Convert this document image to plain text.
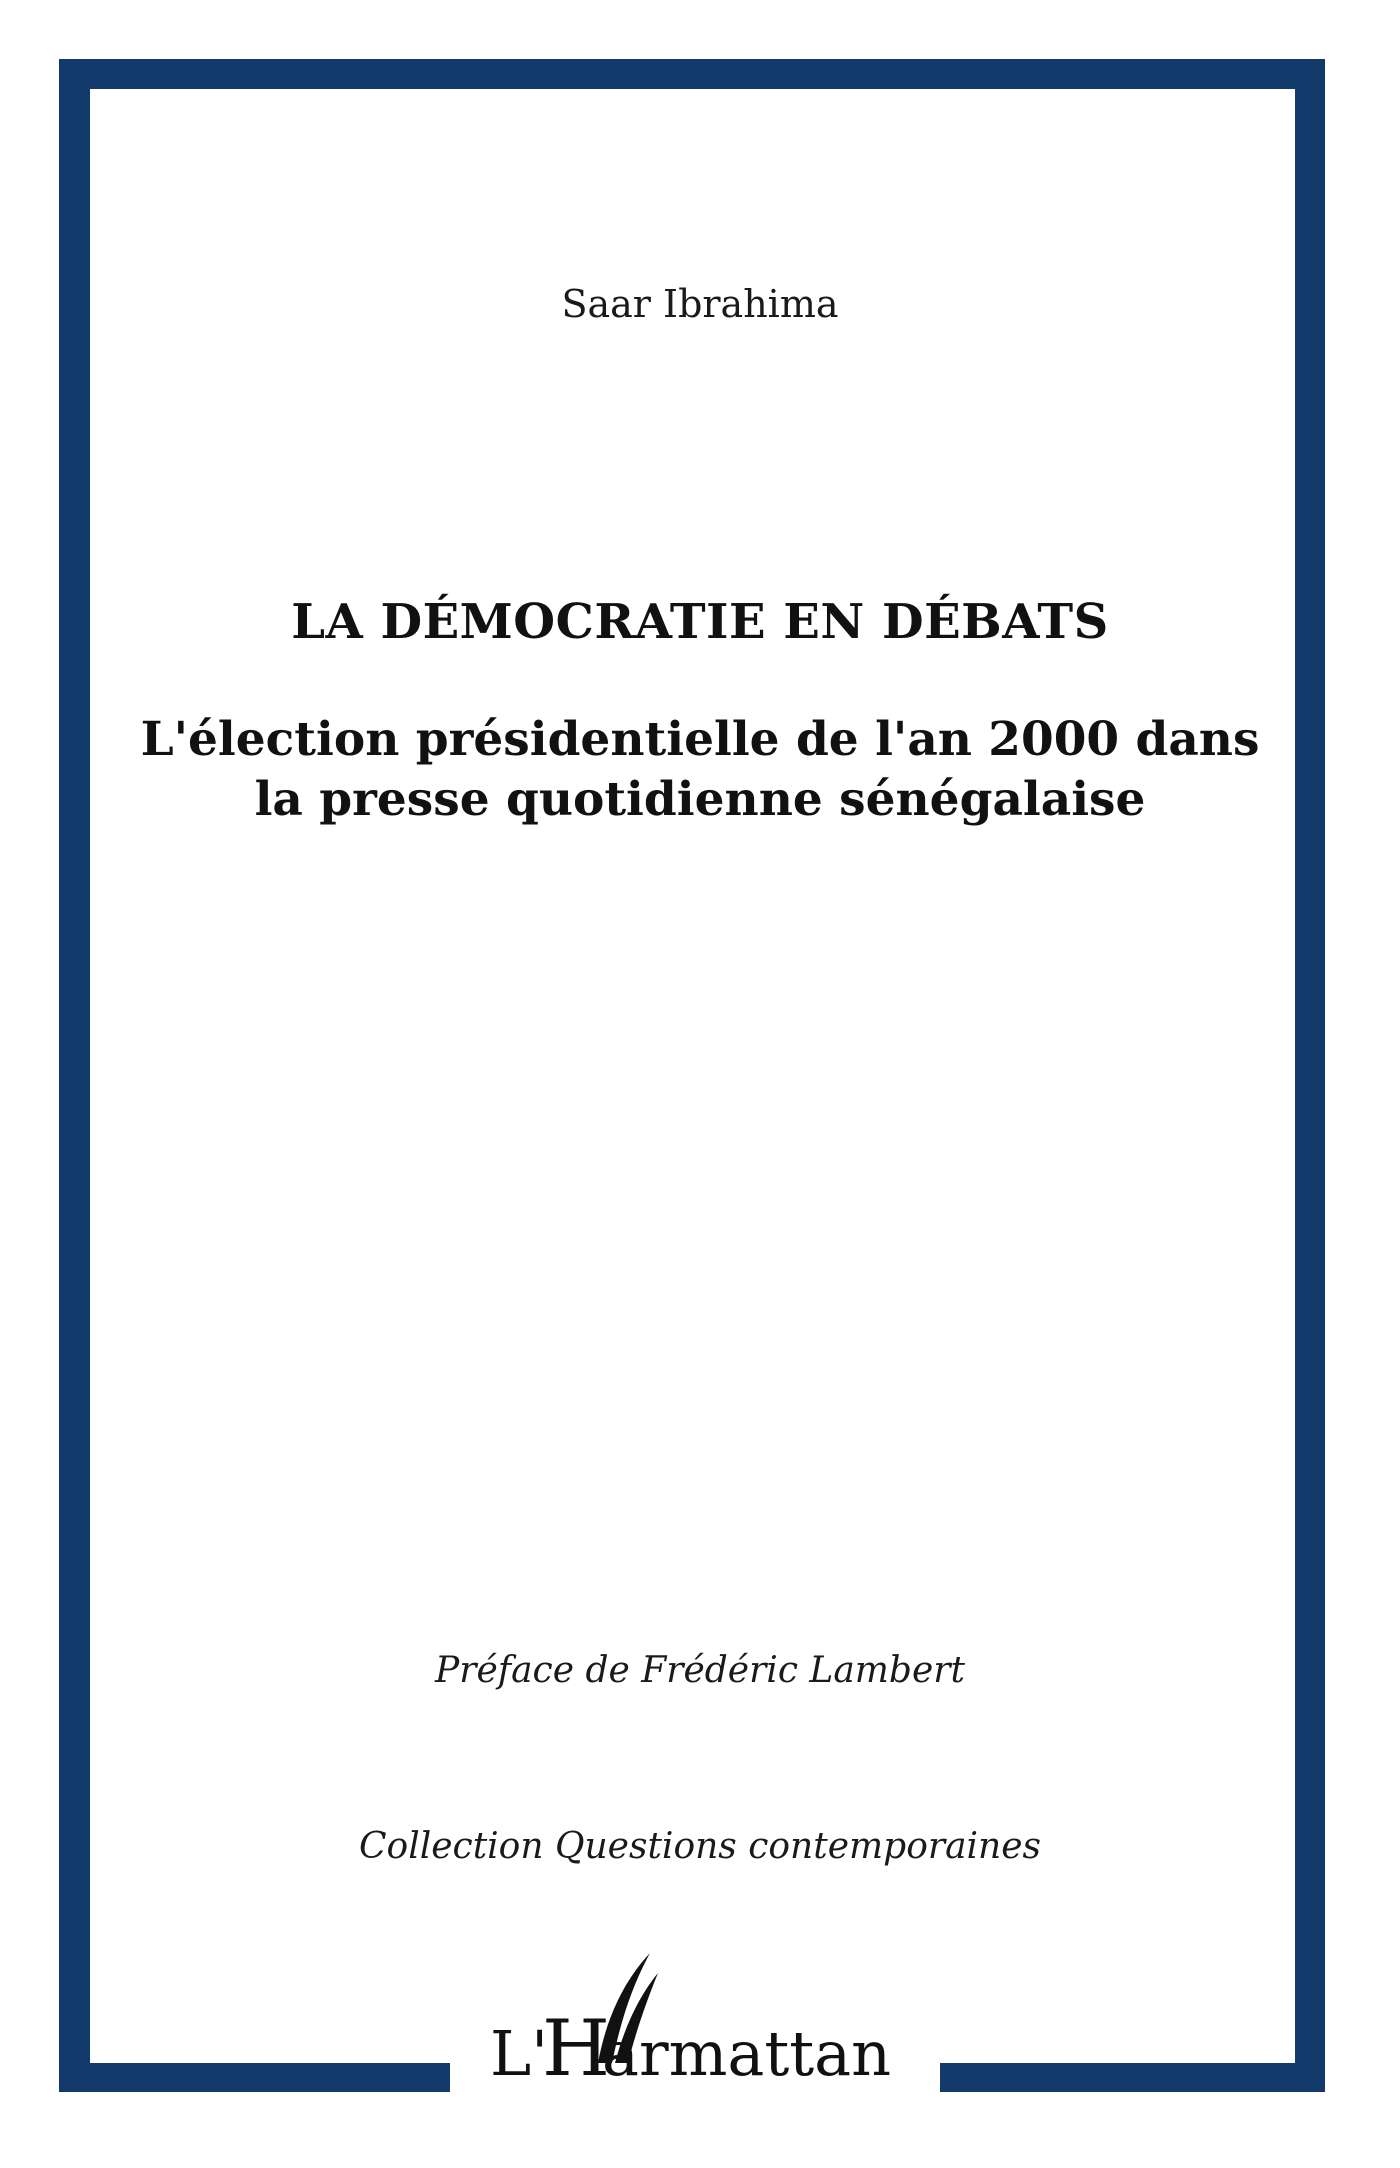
Saar Ibrahima
LA DÉMOCRATIE EN DÉBATS
L'élection présidentielle de l'an 2000 dans la presse quotidienne sénégalaise
Préface de Frédéric Lambert
Collection Questions contemporaines
L'
H
armattan
